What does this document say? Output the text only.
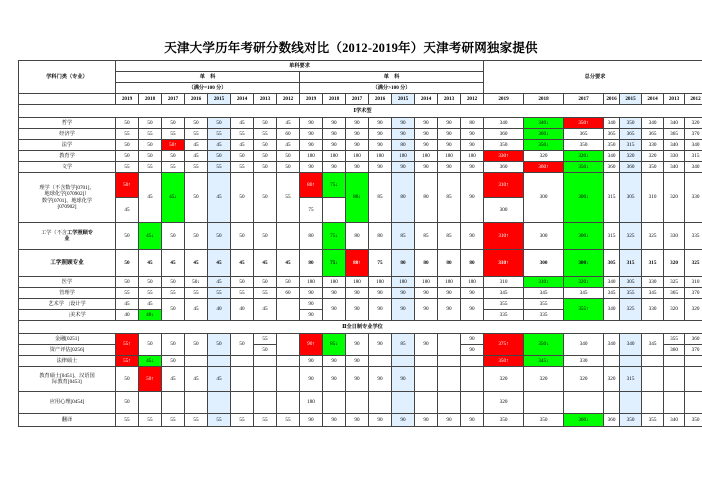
天津大学历年考研分数线对比（2012-2019年）天津考研网独家提供
学科门类（专业）	单科要求																总分要求							
	单　科								单　科															
	（满分=100 分）								（满分>100 分）															
	2019	2018	2017	2016	2015	2014	2013	2012	2019	2018	2017	2016	2015	2014	2013	2012	2019	2018	2017	2016	2015	2014	2013	2012
Ⅰ学术型																								
哲学	50	50	50	50	50	45	50	45	90	90	90	90	90	90	90	80	340	340↓	350↑	340	350	340	340	320
经济学	55	55	55	55	55	55	55	60	90	90	90	90	90	90	90	90	360	360↓	365	365	365	365	365	370
法学	50	50	50↑	45	45	45	50	45	90	90	90	90	80	90	90	90	350	350↓	350	350	315	330	340	340
教育学	50	50	50	45	50	50	50	50	180	180	180	180	180	180	180	180	330↑	320	320↓	340	320	320	330	315
文学	55	55	55	55	55	55	50	50	90	90	90	90	90	90	90	90	360	360↑	350↓	360	360	350	340	340

理学（不含数学[0701]、
地球化学[070902]）
数学[0701]、地球化学
[070902]	50↑	45	45↓	50	45	50	50	55	80↑	75↓	80↓	85	80	80	85	90	310↑	300	300↓	315	305	310	320	330
	45								75								300							
工学（不含工学照顾专
业	50	45↓	50	50	50	50	50		80	75↓	80	80	85	85	85	90	310↑	300	300↓	315	325	325	330	335
工学照顾专业	50	45	45	45	45	45	45	45	80	75↓	80↑	75	80	80	80	80	310↑	300	300↓	305	315	315	320	325
医学	50	50	50	50↓	45	50	50	50	180	180	180	180	180	180	180	180	310	310↓	320↓	340	305	330	325	310
管理学	55	55	55	55	55	55	55	60	90	90	90	90	90	90	90	90	345	345	345	345	355	345	365	370
艺术学　|设计学	45	45	50	45	40	40	45		90	90	90	90	90	90	90	90	355	355	355↑	340	325	330	320	320
　　　　|美术学	40	40↓							90								335	335						
Ⅱ全日制专业学位																								
金融[0251]	55↑	50	50	50	50	50	55		90↑	85↓	90	90	85	90		90	375↑	350↓	340	340	340	345	355	360
资产评估[0256]							50									90							360	370
法律硕士	55↑	45↓	50						90	90	90						350↑	345↓	330					

教育硕士[0451]、汉语国
际教育[0453]	50	50↑	45	45	45				90	90	90	90	90				320	320	320	320	315			
应用心理[0454]	50								180								320							
翻译	55	55	55	55	55	55	55	55	90	90	90	90	90	90	90	90	350	350	360↓	360	350	355	340	350
